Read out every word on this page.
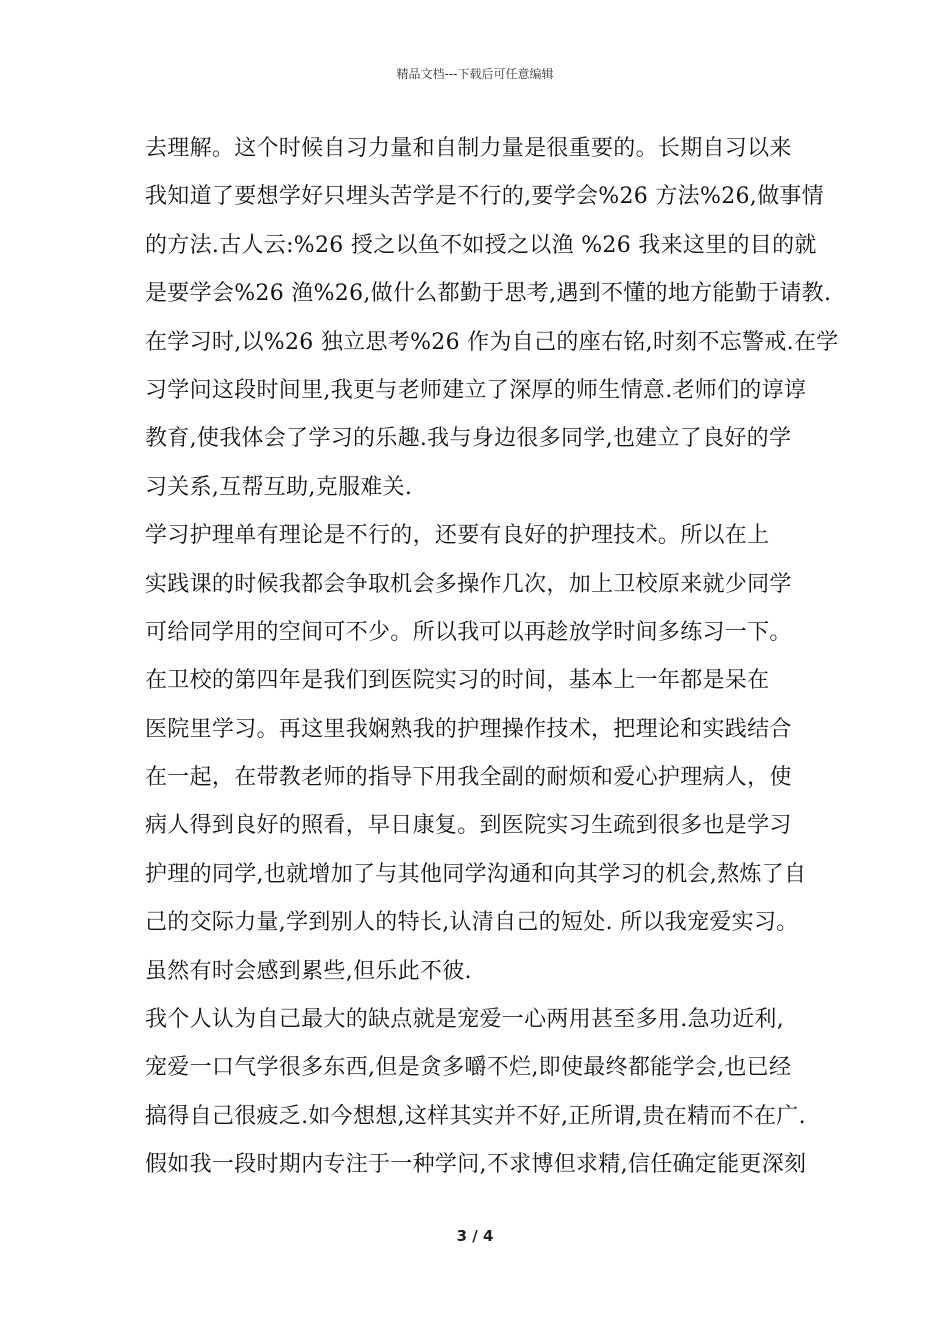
精品文档---下载后可任意编辑
去理解。这个时候自习力量和自制力量是很重要的。长期自习以来
我知道了要想学好只埋头苦学是不行的,要学会%26 方法%26,做事情
的方法.古人云:%26 授之以鱼不如授之以渔 %26 我来这里的目的就
是要学会%26 渔%26,做什么都勤于思考,遇到不懂的地方能勤于请教.
在学习时,以%26 独立思考%26 作为自己的座右铭,时刻不忘警戒.在学
习学问这段时间里,我更与老师建立了深厚的师生情意.老师们的谆谆
教育,使我体会了学习的乐趣.我与身边很多同学,也建立了良好的学
习关系,互帮互助,克服难关.
学习护理单有理论是不行的，还要有良好的护理技术。所以在上
实践课的时候我都会争取机会多操作几次，加上卫校原来就少同学
可给同学用的空间可不少。所以我可以再趁放学时间多练习一下。
在卫校的第四年是我们到医院实习的时间，基本上一年都是呆在
医院里学习。再这里我娴熟我的护理操作技术，把理论和实践结合
在一起，在带教老师的指导下用我全副的耐烦和爱心护理病人，使
病人得到良好的照看，早日康复。到医院实习生疏到很多也是学习
护理的同学,也就增加了与其他同学沟通和向其学习的机会,熬炼了自
己的交际力量,学到别人的特长,认清自己的短处. 所以我宠爱实习。
虽然有时会感到累些,但乐此不彼.
我个人认为自己最大的缺点就是宠爱一心两用甚至多用.急功近利,
宠爱一口气学很多东西,但是贪多嚼不烂,即使最终都能学会,也已经
搞得自己很疲乏.如今想想,这样其实并不好,正所谓,贵在精而不在广.
假如我一段时期内专注于一种学问,不求博但求精,信任确定能更深刻
3 / 4
